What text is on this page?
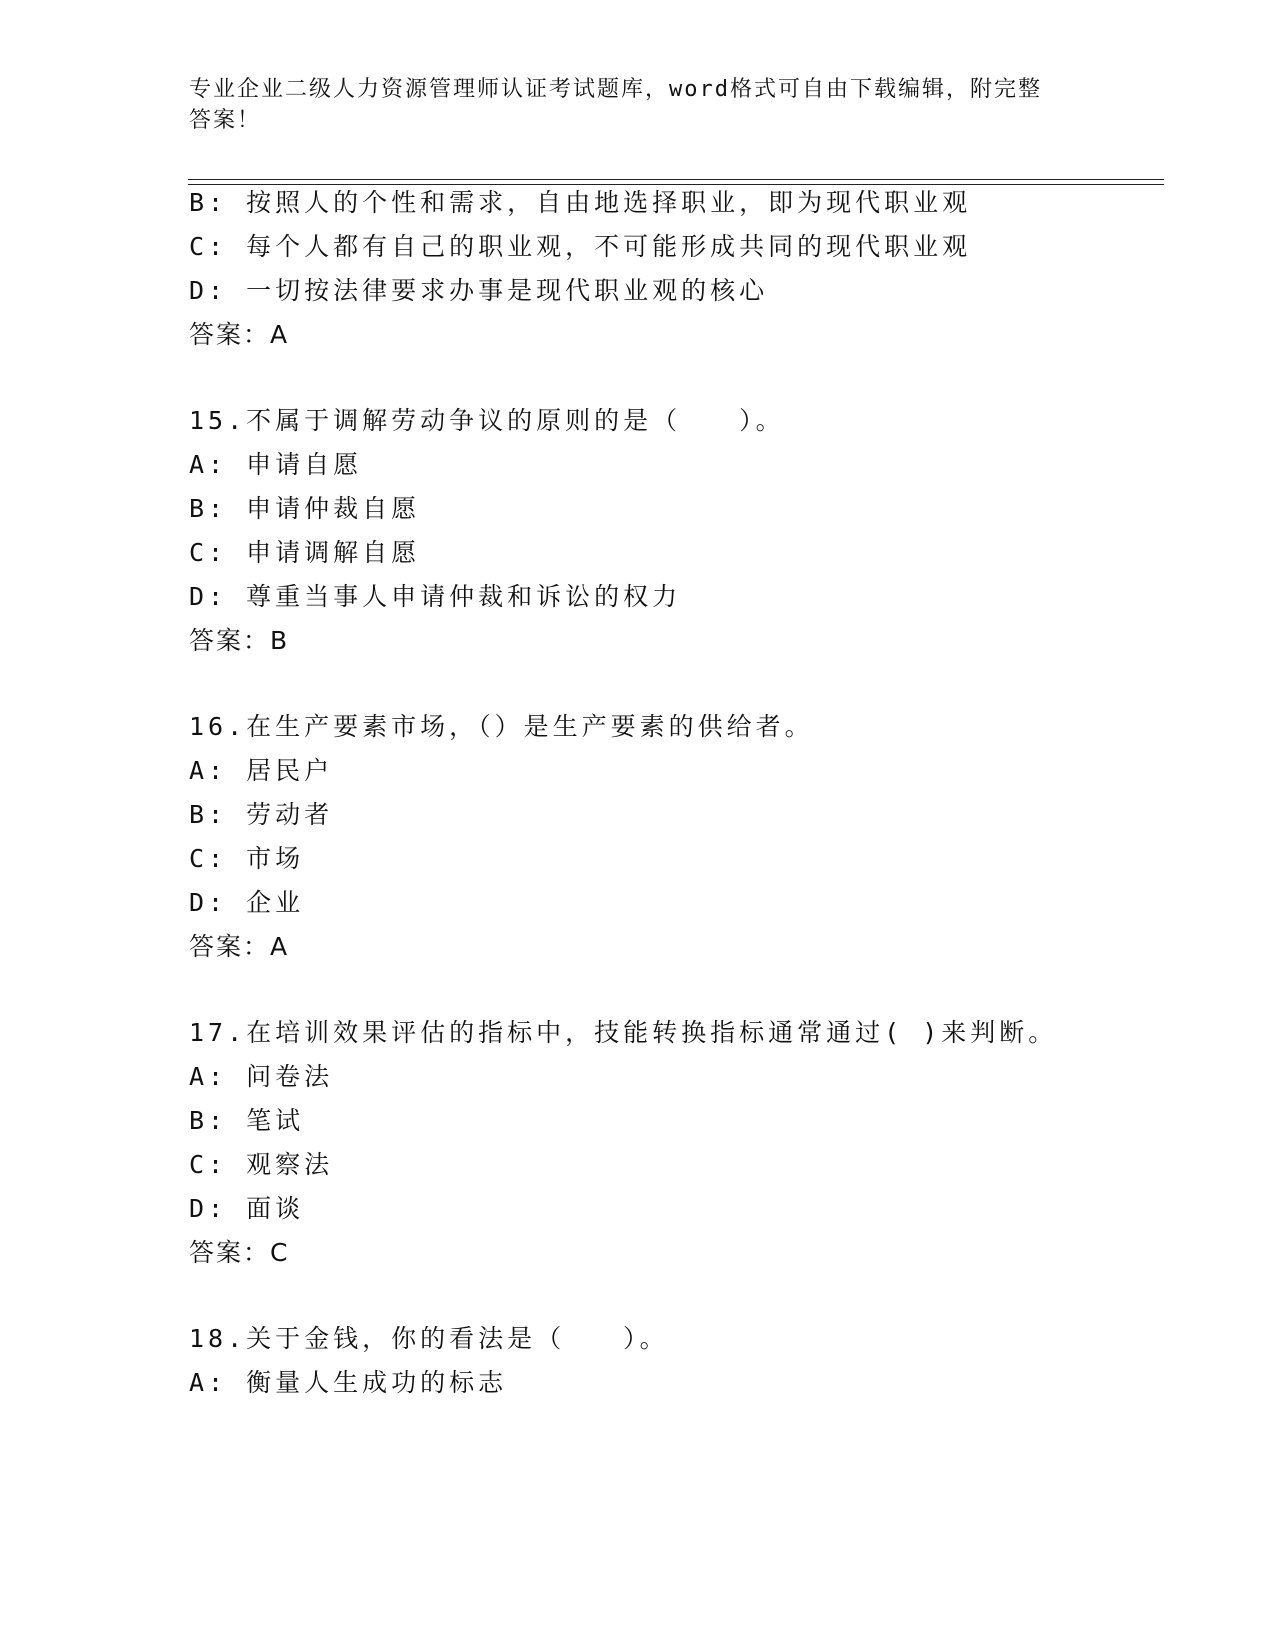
专业企业二级人力资源管理师认证考试题库，word格式可自由下载编辑，附完整
答案！
B: 按照人的个性和需求，自由地选择职业，即为现代职业观
C: 每个人都有自己的职业观，不可能形成共同的现代职业观
D: 一切按法律要求办事是现代职业观的核心
答案：A
15.不属于调解劳动争议的原则的是（　　）。
A: 申请自愿
B: 申请仲裁自愿
C: 申请调解自愿
D: 尊重当事人申请仲裁和诉讼的权力
答案：B
16.在生产要素市场，（）是生产要素的供给者。
A: 居民户
B: 劳动者
C: 市场
D: 企业
答案：A
17.在培训效果评估的指标中，技能转换指标通常通过( )来判断。
A: 问卷法
B: 笔试
C: 观察法
D: 面谈
答案：C
18.关于金钱，你的看法是（　　）。
A: 衡量人生成功的标志
